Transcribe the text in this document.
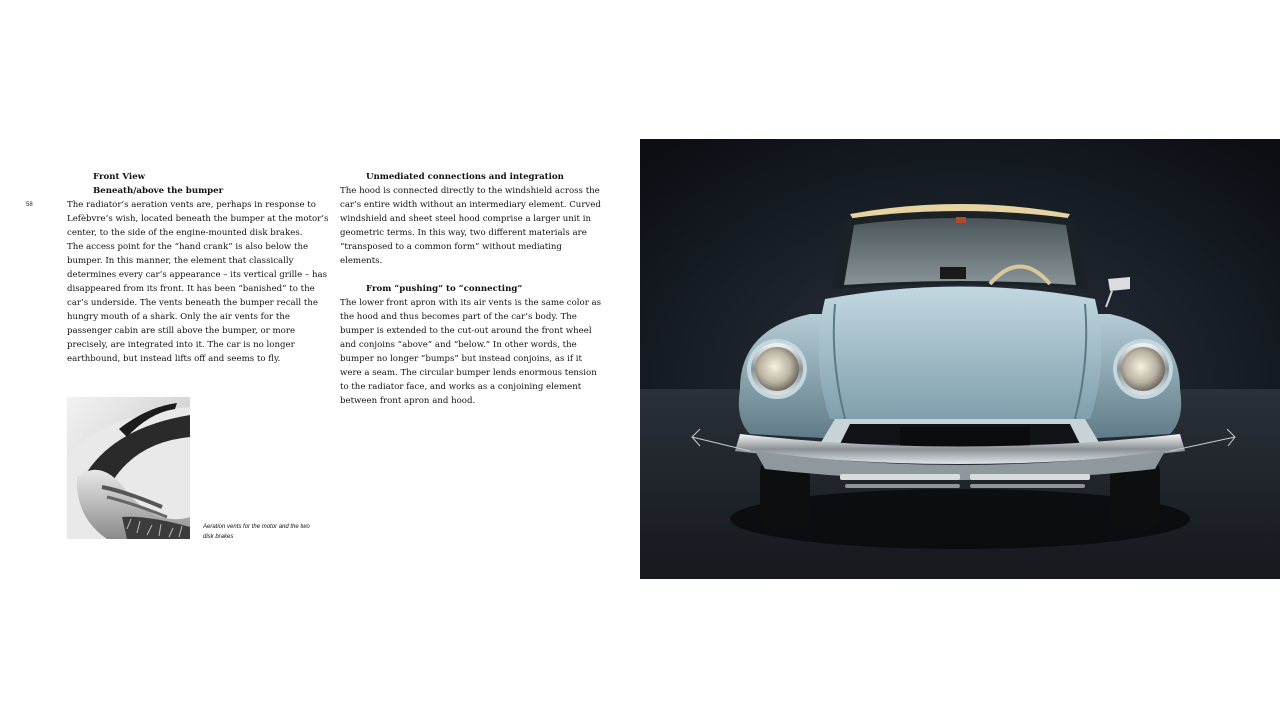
58
Front View
Beneath/above the bumper

The radiator’s aeration vents are, perhaps in response to Lefèbvre’s wish, located beneath the bumper at the motor’s center, to the side of the engine-mounted disk brakes.

The access point for the “hand crank” is also below the bumper. In this manner, the element that classically determines every car’s appearance – its vertical grille – has disappeared from its front. It has been “banished” to the car’s underside. The vents beneath the bumper recall the hungry mouth of a shark. Only the air vents for the passenger cabin are still above the bumper, or more precisely, are integrated into it. The car is no longer earthbound, but instead lifts off and seems to fly.

Unmediated connections and integration

The hood is connected directly to the windshield across the car’s entire width without an intermediary element. Curved windshield and sheet steel hood comprise a larger unit in geometric terms. In this way, two different materials are “transposed to a common form” without mediating elements.

From “pushing” to “connecting”

The lower front apron with its air vents is the same color as the hood and thus becomes part of the car’s body. The bumper is extended to the cut-out around the front wheel and conjoins “above” and “below.” In other words, the bumper no longer “bumps” but instead conjoins, as if it were a seam. The circular bumper lends enormous tension to the radiator face, and works as a conjoining element between front apron and hood.

Aeration vents for the motor and the two disk brakes
